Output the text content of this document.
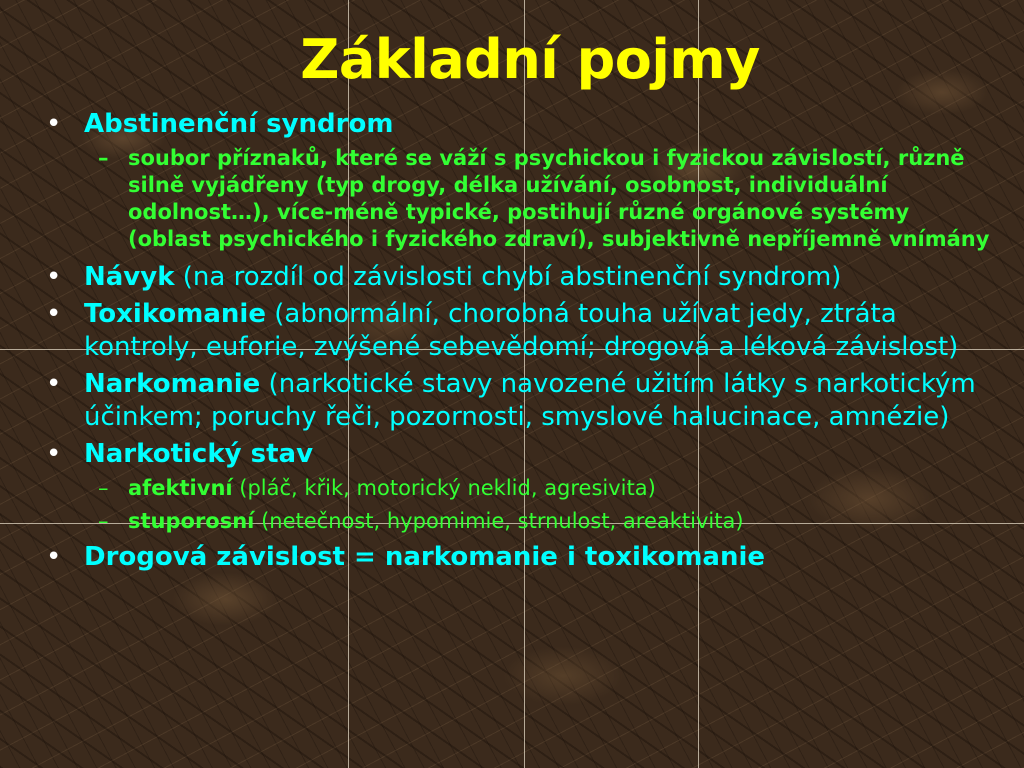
Základní pojmy
• Abstinenční syndrom
– soubor příznaků, které se váží s psychickou i fyzickou závislostí, různě silně vyjádřeny (typ drogy, délka užívání, osobnost, individuální odolnost…), více-méně typické, postihují různé orgánové systémy (oblast psychického i fyzického zdraví), subjektivně nepříjemně vnímány
• Návyk (na rozdíl od závislosti chybí abstinenční syndrom)
• Toxikomanie (abnormální, chorobná touha užívat jedy, ztráta kontroly, euforie, zvýšené sebevědomí; drogová a léková závislost)
• Narkomanie (narkotické stavy navozené užitím látky s narkotickým účinkem; poruchy řeči, pozornosti, smyslové halucinace, amnézie)
• Narkotický stav
– afektivní (pláč, křik, motorický neklid, agresivita)
– stuporosní (netečnost, hypomimie, strnulost, areaktivita)
• Drogová závislost = narkomanie i toxikomanie
